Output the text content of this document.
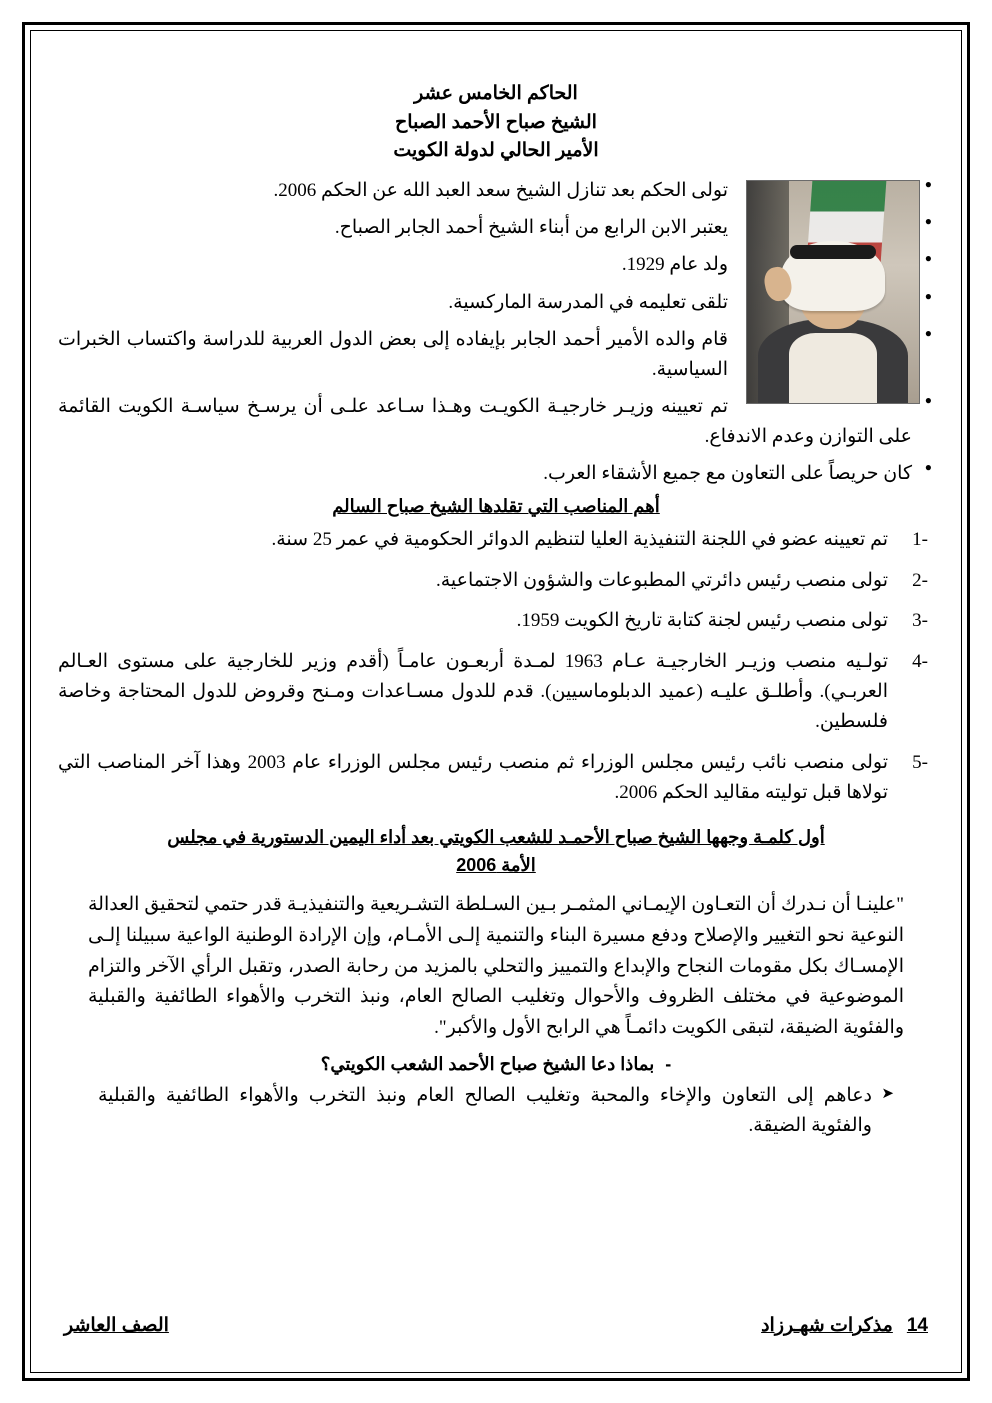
الحاكم الخامس عشر
الشيخ صباح الأحمد الصباح
الأمير الحالي لدولة الكويت
● تولى الحكم بعد تنازل الشيخ سعد العبد الله عن الحكم 2006.
● يعتبر الابن الرابع من أبناء الشيخ أحمد الجابر الصباح.
● ولد عام 1929.
● تلقى تعليمه في المدرسة الماركسية.
● قام والده الأمير أحمد الجابر بإيفاده إلى بعض الدول العربية للدراسة واكتساب الخبرات السياسية.
● تم تعيينه وزيـر خارجيـة الكويـت وهـذا سـاعد علـى أن يرسـخ سياسـة الكويت القائمة على التوازن وعدم الاندفاع.
● كان حريصاً على التعاون مع جميع الأشقاء العرب.
أهم المناصب التي تقلدها الشيخ صباح السالم
1-
تم تعيينه عضو في اللجنة التنفيذية العليا لتنظيم الدوائر الحكومية في عمر 25 سنة.
2-
تولى منصب رئيس دائرتي المطبوعات والشؤون الاجتماعية.
3-
تولى منصب رئيس لجنة كتابة تاريخ الكويت 1959.
4-
تولـيه منصب وزيـر الخارجيـة عـام 1963 لمـدة أربعـون عامـاً (أقدم وزير للخارجية على مستوى العـالم العربـي). وأطلـق عليـه (عميد الدبلوماسيين). قدم للدول مسـاعدات ومـنح وقروض للدول المحتاجة وخاصة فلسطين.
5-
تولى منصب نائب رئيس مجلس الوزراء ثم منصب رئيس مجلس الوزراء عام 2003 وهذا آخر المناصب التي تولاها قبل توليته مقاليد الحكم 2006.
أول كلمـة وجهها الشيخ صباح الأحمـد للشعب الكويتي بعد أداء اليمين الدستورية في مجلس
الأمة 2006
"علينـا أن نـدرك أن التعـاون الإيمـاني المثمـر بـين السـلطة التشـريعية والتنفيذيـة قدر حتمي لتحقيق العدالة النوعية نحو التغيير والإصلاح ودفع مسيرة البناء والتنمية إلـى الأمـام، وإن الإرادة الوطنية الواعية سبيلنا إلـى الإمسـاك بكل مقومات النجاح والإبداع والتمييز والتحلي بالمزيد من رحابة الصدر، وتقبل الرأي الآخر والتزام الموضوعية في مختلف الظروف والأحوال وتغليب الصالح العام، ونبذ التخرب والأهواء الطائفية والقبلية والفئوية الضيقة، لتبقى الكويت دائمـاً هي الرابح الأول والأكبر".
- بماذا دعا الشيخ صباح الأحمد الشعب الكويتي؟
➤ دعاهم إلى التعاون والإخاء والمحبة وتغليب الصالح العام ونبذ التخرب والأهواء الطائفية والقبلية والفئوية الضيقة.
14
مذكرات شهـرزاد
الصف العاشر
